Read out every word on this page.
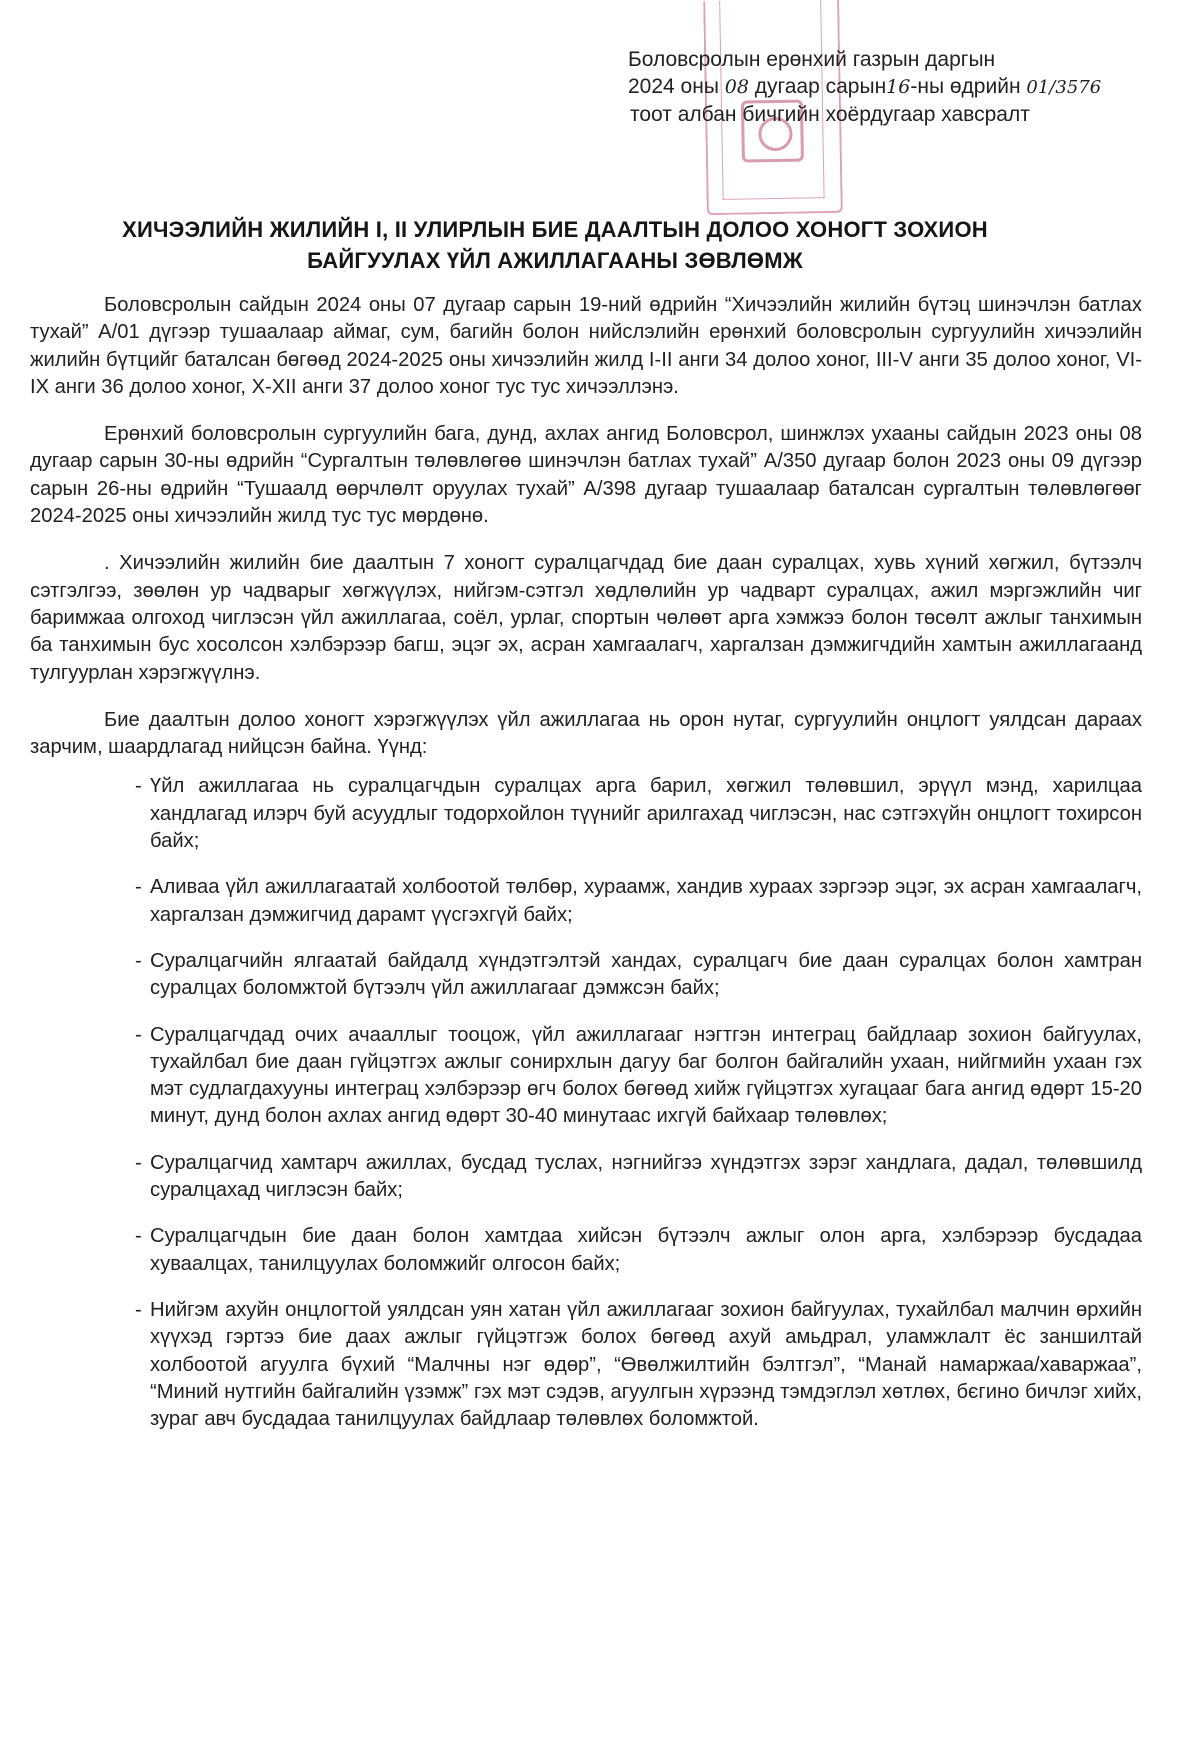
Боловсролын ерөнхий газрын даргын
2024 оны 08 дугаар сарын16-ны өдрийн 01/3576
тоот албан бичгийн хоёрдугаар хавсралт
ХИЧЭЭЛИЙН ЖИЛИЙН I, II УЛИРЛЫН БИЕ ДААЛТЫН ДОЛОО ХОНОГТ ЗОХИОН
БАЙГУУЛАХ ҮЙЛ АЖИЛЛАГААНЫ ЗӨВЛӨМЖ

Боловсролын сайдын 2024 оны 07 дугаар сарын 19-ний өдрийн “Хичээлийн жилийн бүтэц шинэчлэн батлах тухай” А/01 дүгээр тушаалаар аймаг, сум, багийн болон нийслэлийн ерөнхий боловсролын сургуулийн хичээлийн жилийн бүтцийг баталсан бөгөөд 2024-2025 оны хичээлийн жилд I-II анги 34 долоо хоног, III-V анги 35 долоо хоног, VI-IX анги 36 долоо хоног, X-XII анги 37 долоо хоног тус тус хичээллэнэ.

Ерөнхий боловсролын сургуулийн бага, дунд, ахлах ангид Боловсрол, шинжлэх ухааны сайдын 2023 оны 08 дугаар сарын 30-ны өдрийн “Сургалтын төлөвлөгөө шинэчлэн батлах тухай” А/350 дугаар болон 2023 оны 09 дүгээр сарын 26-ны өдрийн “Тушаалд өөрчлөлт оруулах тухай” А/398 дугаар тушаалаар баталсан сургалтын төлөвлөгөөг 2024-2025 оны хичээлийн жилд тус тус мөрдөнө.

. Хичээлийн жилийн бие даалтын 7 хоногт суралцагчдад бие даан суралцах, хувь хүний хөгжил, бүтээлч сэтгэлгээ, зөөлөн ур чадварыг хөгжүүлэх, нийгэм-сэтгэл хөдлөлийн ур чадварт суралцах, ажил мэргэжлийн чиг баримжаа олгоход чиглэсэн үйл ажиллагаа, соёл, урлаг, спортын чөлөөт арга хэмжээ болон төсөлт ажлыг танхимын ба танхимын бус хосолсон хэлбэрээр багш, эцэг эх, асран хамгаалагч, харгалзан дэмжигчдийн хамтын ажиллагаанд тулгуурлан хэрэгжүүлнэ.

Бие даалтын долоо хоногт хэрэгжүүлэх үйл ажиллагаа нь орон нутаг, сургуулийн онцлогт уялдсан дараах зарчим, шаардлагад нийцсэн байна. Үүнд:

- Үйл ажиллагаа нь суралцагчдын суралцах арга барил, хөгжил төлөвшил, эрүүл мэнд, харилцаа хандлагад илэрч буй асуудлыг тодорхойлон түүнийг арилгахад чиглэсэн, нас сэтгэхүйн онцлогт тохирсон байх;
- Аливаа үйл ажиллагаатай холбоотой төлбөр, хураамж, хандив хураах зэргээр эцэг, эх асран хамгаалагч, харгалзан дэмжигчид дарамт үүсгэхгүй байх;
- Суралцагчийн ялгаатай байдалд хүндэтгэлтэй хандах, суралцагч бие даан суралцах болон хамтран суралцах боломжтой бүтээлч үйл ажиллагааг дэмжсэн байх;
- Суралцагчдад очих ачааллыг тооцож, үйл ажиллагааг нэгтгэн интеграц байдлаар зохион байгуулах, тухайлбал бие даан гүйцэтгэх ажлыг сонирхлын дагуу баг болгон байгалийн ухаан, нийгмийн ухаан гэх мэт судлагдахууны интеграц хэлбэрээр өгч болох бөгөөд хийж гүйцэтгэх хугацааг бага ангид өдөрт 15-20 минут, дунд болон ахлах ангид өдөрт 30-40 минутаас ихгүй байхаар төлөвлөх;
- Суралцагчид хамтарч ажиллах, бусдад туслах, нэгнийгээ хүндэтгэх зэрэг хандлага, дадал, төлөвшилд суралцахад чиглэсэн байх;
- Суралцагчдын бие даан болон хамтдаа хийсэн бүтээлч ажлыг олон арга, хэлбэрээр бусдадаа хуваалцах, танилцуулах боломжийг олгосон байх;
- Нийгэм ахуйн онцлогтой уялдсан уян хатан үйл ажиллагааг зохион байгуулах, тухайлбал малчин өрхийн хүүхэд гэртээ бие даах ажлыг гүйцэтгэж болох бөгөөд ахуй амьдрал, уламжлалт ёс заншилтай холбоотой агуулга бүхий “Малчны нэг өдөр”, “Өвөлжилтийн бэлтгэл”, “Манай намаржаа/хаваржаа”, “Миний нутгийн байгалийн үзэмж” гэх мэт сэдэв, агуулгын хүрээнд тэмдэглэл хөтлөх, бєгино бичлэг хийх, зураг авч бусдадаа танилцуулах байдлаар төлөвлөх боломжтой.
